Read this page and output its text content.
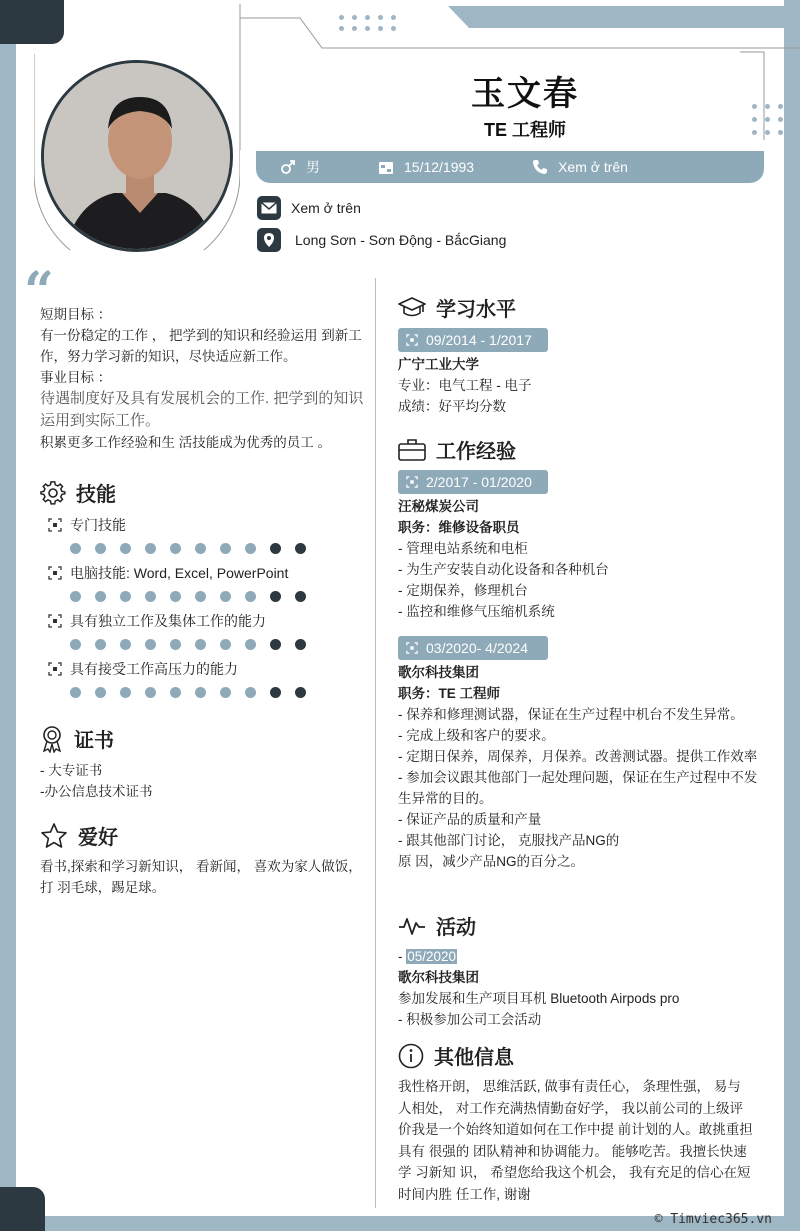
玉文春
TE 工程师
男	15/12/1993	Xem ở trên
Xem ở trên
Long Sơn - Sơn Động - BắcGiang
“
短期目标 ：
有一份稳定的工作 ， 把学到的知识和经验运用 到新工作，努力学习新的知识，尽快适应新工作。
事业目标 ：
待遇制度好及具有发展机会的工作. 把学到的知识运用到实际工作。
积累更多工作经验和生 活技能成为优秀的员工 。
技能
专门技能
电脑技能: Word, Excel, PowerPoint
具有独立工作及集体工作的能力
具有接受工作高压力的能力
证书
- 大专证书
-办公信息技术证书
爱好
看书,探索和学习新知识， 看新闻， 喜欢为家人做饭，打 羽毛球，踢足球。
学习水平
09/2014 - 1/2017
广宁工业大学
专业：电气工程 - 电子
成绩：好平均分数
工作经验
2/2017 - 01/2020
汪秘煤炭公司
职务：维修设备职员
- 管理电站系统和电柜
- 为生产安装自动化设备和各种机台
- 定期保养，修理机台
- 监控和维修气压缩机系统
03/2020- 4/2024
歌尔科技集团
职务：TE 工程师
- 保养和修理测试器，保证在生产过程中机台不发生异常。
- 完成上级和客户的要求。
- 定期日保养，周保养，月保养。改善测试器。提供工作效率
- 参加会议跟其他部门一起处理问题，保证在生产过程中不发生异常的目的。
- 保证产品的质量和产量
- 跟其他部门讨论， 克服找产品NG的
原 因，减少产品NG的百分之。
活动
- 05/2020
歌尔科技集团
参加发展和生产项目耳机 Bluetooth Airpods pro
- 积极参加公司工会活动
其他信息
我性格开朗， 思维活跃, 做事有责任心， 条理性强， 易与 人相处， 对工作充满热情勤奋好学， 我以前公司的上级评价我是一个始终知道如何在工作中提 前计划的人。敢挑重担具有 很强的 团队精神和协调能力。 能够吃苦。我擅长快速学 习新知 识， 希望您给我这个机会， 我有充足的信心在短 时间内胜 任工作, 谢谢
© Timviec365.vn
